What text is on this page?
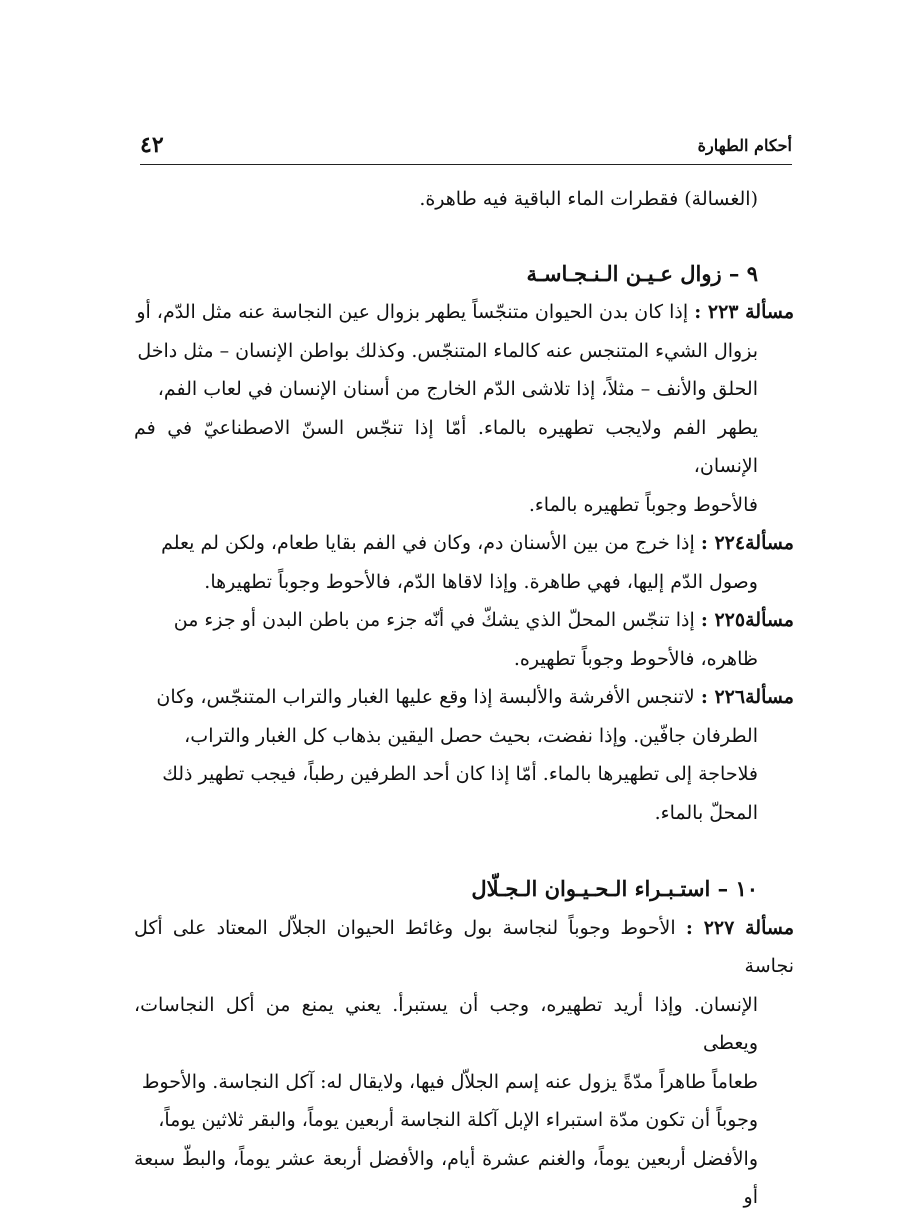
أحكام الطهارة
٤٢

(الغسالة) فقطرات الماء الباقية فيه طاهرة.

٩ – زوال عـيـن الـنـجـاسـة

مسألة ٢٢٣ : إذا كان بدن الحيوان متنجّساً يطهر بزوال عين النجاسة عنه مثل الدّم، أو

بزوال الشيء المتنجس عنه كالماء المتنجّس. وكذلك بواطن الإنسان – مثل داخل

الحلق والأنف – مثلاً، إذا تلاشى الدّم الخارج من أسنان الإنسان في لعاب الفم،

يطهر الفم ولايجب تطهيره بالماء. أمّا إذا تنجّس السنّ الاصطناعيّ في فم الإنسان،

فالأحوط وجوباً تطهيره بالماء.

مسألة٢٢٤ : إذا خرج من بين الأسنان دم، وكان في الفم بقايا طعام، ولكن لم يعلم

وصول الدّم إليها، فهي طاهرة. وإذا لاقاها الدّم، فالأحوط وجوباً تطهيرها.

مسألة٢٢٥ : إذا تنجّس المحلّ الذي يشكّ في أنّه جزء من باطن البدن أو جزء من

ظاهره، فالأحوط وجوباً تطهيره.

مسألة٢٢٦ : لاتنجس الأفرشة والألبسة إذا وقع عليها الغبار والتراب المتنجّس، وكان

الطرفان جافّين. وإذا نفضت، بحيث حصل اليقين بذهاب كل الغبار والتراب،

فلاحاجة إلى تطهيرها بالماء. أمّا إذا كان أحد الطرفين رطباً، فيجب تطهير ذلك

المحلّ بالماء.

١٠ – استـبـراء الـحـيـوان الـجـلّال

مسألة ٢٢٧ : الأحوط وجوباً لنجاسة بول وغائط الحيوان الجلاّل المعتاد على أكل نجاسة

الإنسان. وإذا أريد تطهيره، وجب أن يستبرأ. يعني يمنع من أكل النجاسات، ويعطى

طعاماً طاهراً مدّةً يزول عنه إسم الجلاّل فيها، ولايقال له: آكل النجاسة. والأحوط

وجوباً أن تكون مدّة استبراء الإبل آكلة النجاسة أربعين يوماً، والبقر ثلاثين يوماً،

والأفضل أربعين يوماً، والغنم عشرة أيام، والأفضل أربعة عشر يوماً، والبطّ سبعة أو
